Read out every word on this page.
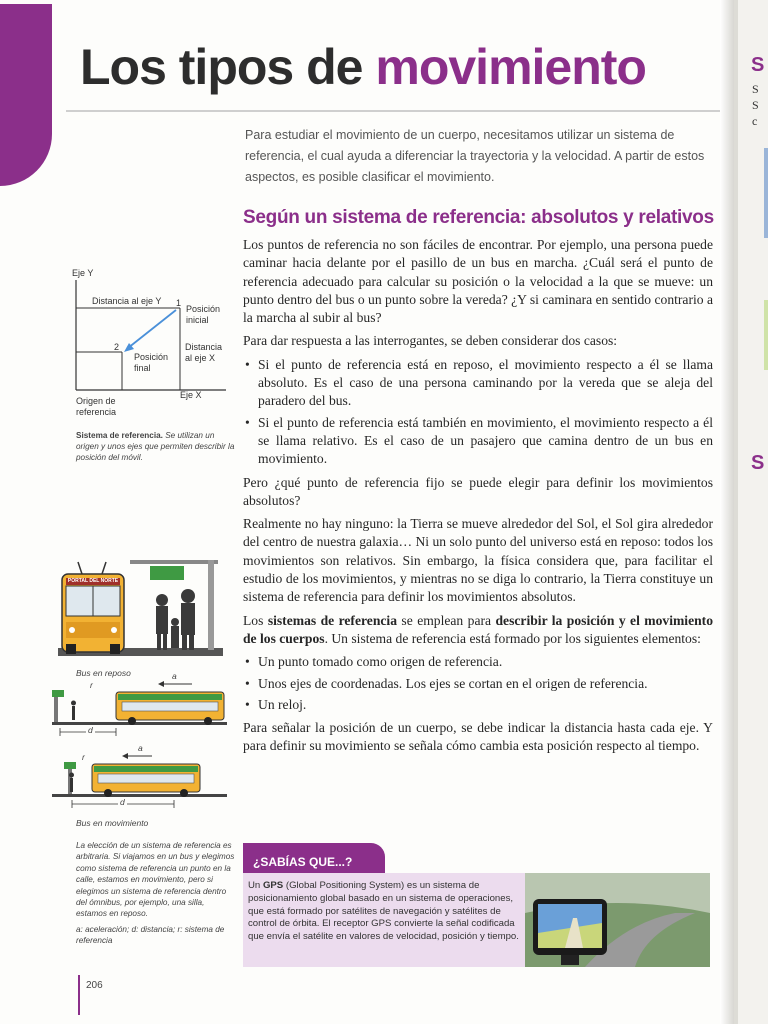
Los tipos de movimiento
Para estudiar el movimiento de un cuerpo, necesitamos utilizar un sistema de referencia, el cual ayuda a diferenciar la trayectoria y la velocidad. A partir de estos aspectos, es posible clasificar el movimiento.
Según un sistema de referencia: absolutos y relativos

Los puntos de referencia no son fáciles de encontrar. Por ejemplo, una persona puede caminar hacia delante por el pasillo de un bus en marcha. ¿Cuál será el punto de referencia adecuado para calcular su posición o la velocidad a la que se mueve: un punto dentro del bus o un punto sobre la vereda? ¿Y si caminara en sentido contrario a la marcha al subir al bus?

Para dar respuesta a las interrogantes, se deben considerar dos casos:

• Si el punto de referencia está en reposo, el movimiento respecto a él se llama absoluto. Es el caso de una persona caminando por la vereda que se aleja del paradero del bus.
• Si el punto de referencia está también en movimiento, el movimiento respecto a él se llama relativo. Es el caso de un pasajero que camina dentro de un bus en movimiento.

Pero ¿qué punto de referencia fijo se puede elegir para definir los movimientos absolutos?

Realmente no hay ninguno: la Tierra se mueve alrededor del Sol, el Sol gira alrededor del centro de nuestra galaxia… Ni un solo punto del universo está en reposo: todos los movimientos son relativos. Sin embargo, la física considera que, para facilitar el estudio de los movimientos, y mientras no se diga lo contrario, la Tierra constituye un sistema de referencia para definir los movimientos absolutos.

Los sistemas de referencia se emplean para describir la posición y el movimiento de los cuerpos. Un sistema de referencia está formado por los siguientes elementos:

• Un punto tomado como origen de referencia.
• Unos ejes de coordenadas. Los ejes se cortan en el origen de referencia.
• Un reloj.

Para señalar la posición de un cuerpo, se debe indicar la distancia hasta cada eje. Y para definir su movimiento se señala cómo cambia esta posición respecto al tiempo.

Eje Y
Distancia al eje Y 1
Posición inicial
Distancia al eje X
2
Posición final
Eje X
Origen de referencia
Sistema de referencia. Se utilizan un origen y unos ejes que permiten describir la posición del móvil.
PORTAL DEL NORTE
Bus en reposo	a
r
d
a
r
d
Bus en movimiento
La elección de un sistema de referencia es arbitraria. Si viajamos en un bus y elegimos como sistema de referencia un punto en la calle, estamos en movimiento, pero si elegimos un sistema de referencia dentro del ómnibus, por ejemplo, una silla, estamos en reposo.
a: aceleración; d: distancia; r: sistema de referencia
206
¿SABÍAS QUE...?
Un GPS (Global Positioning System) es un sistema de posicionamiento global basado en un sistema de operaciones, que está formado por satélites de navegación y satélites de control de órbita. El receptor GPS convierte la señal codificada que envía el satélite en valores de velocidad, posición y tiempo.
S
S
S
c
S
